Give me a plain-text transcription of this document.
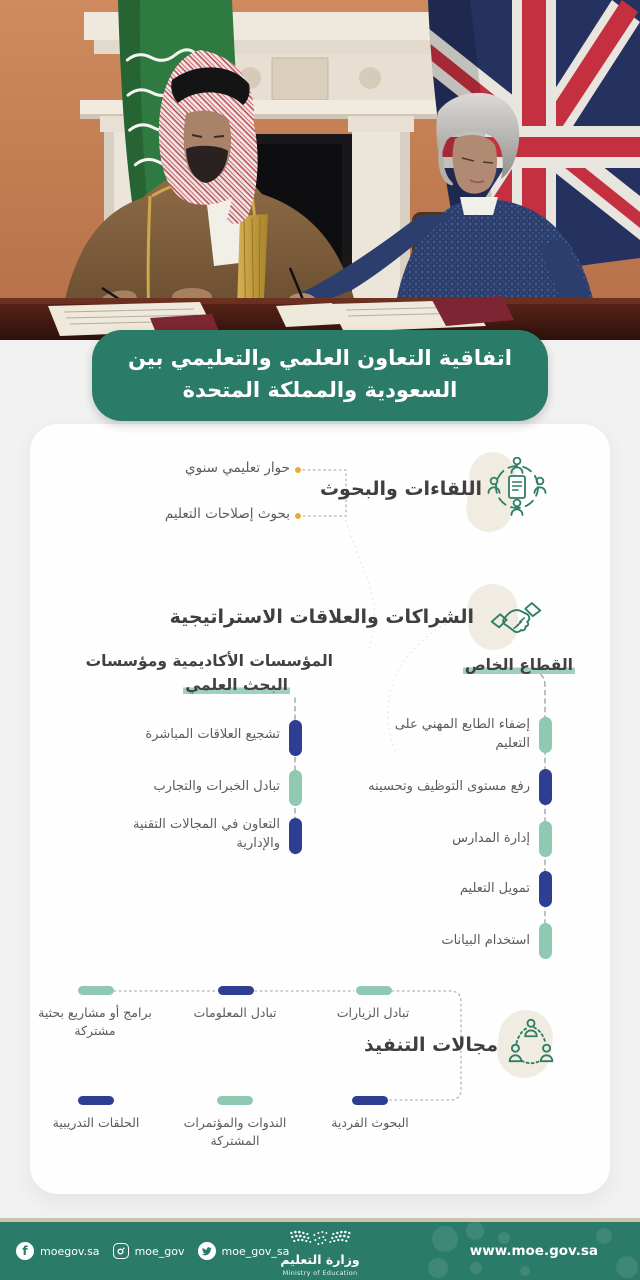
اتفاقية التعاون العلمي والتعليمي بين
السعودية والمملكة المتحدة
اللقاءات والبحوث
حوار تعليمي سنوي
بحوث إصلاحات التعليم
الشراكات والعلاقات الاستراتيجية
المؤسسات الأكاديمية ومؤسسات
البحث العلمي
القطاع الخاص
تشجيع العلاقات المباشرة
تبادل الخبرات والتجارب
التعاون في المجالات التقنية والإدارية
إضفاء الطابع المهني على التعليم
رفع مستوى التوظيف وتحسينه
إدارة المدارس
تمويل التعليم
استخدام البيانات
مجالات التنفيذ
تبادل الزيارات
تبادل المعلومات
برامج أو مشاريع بحثية مشتركة
البحوث الفردية
الندوات والمؤتمرات المشتركة
الحلقات التدريبية
f moegov.sa	moe_gov	moe_gov_sa
وزارة التعليم
Ministry of Education
www.moe.gov.sa
